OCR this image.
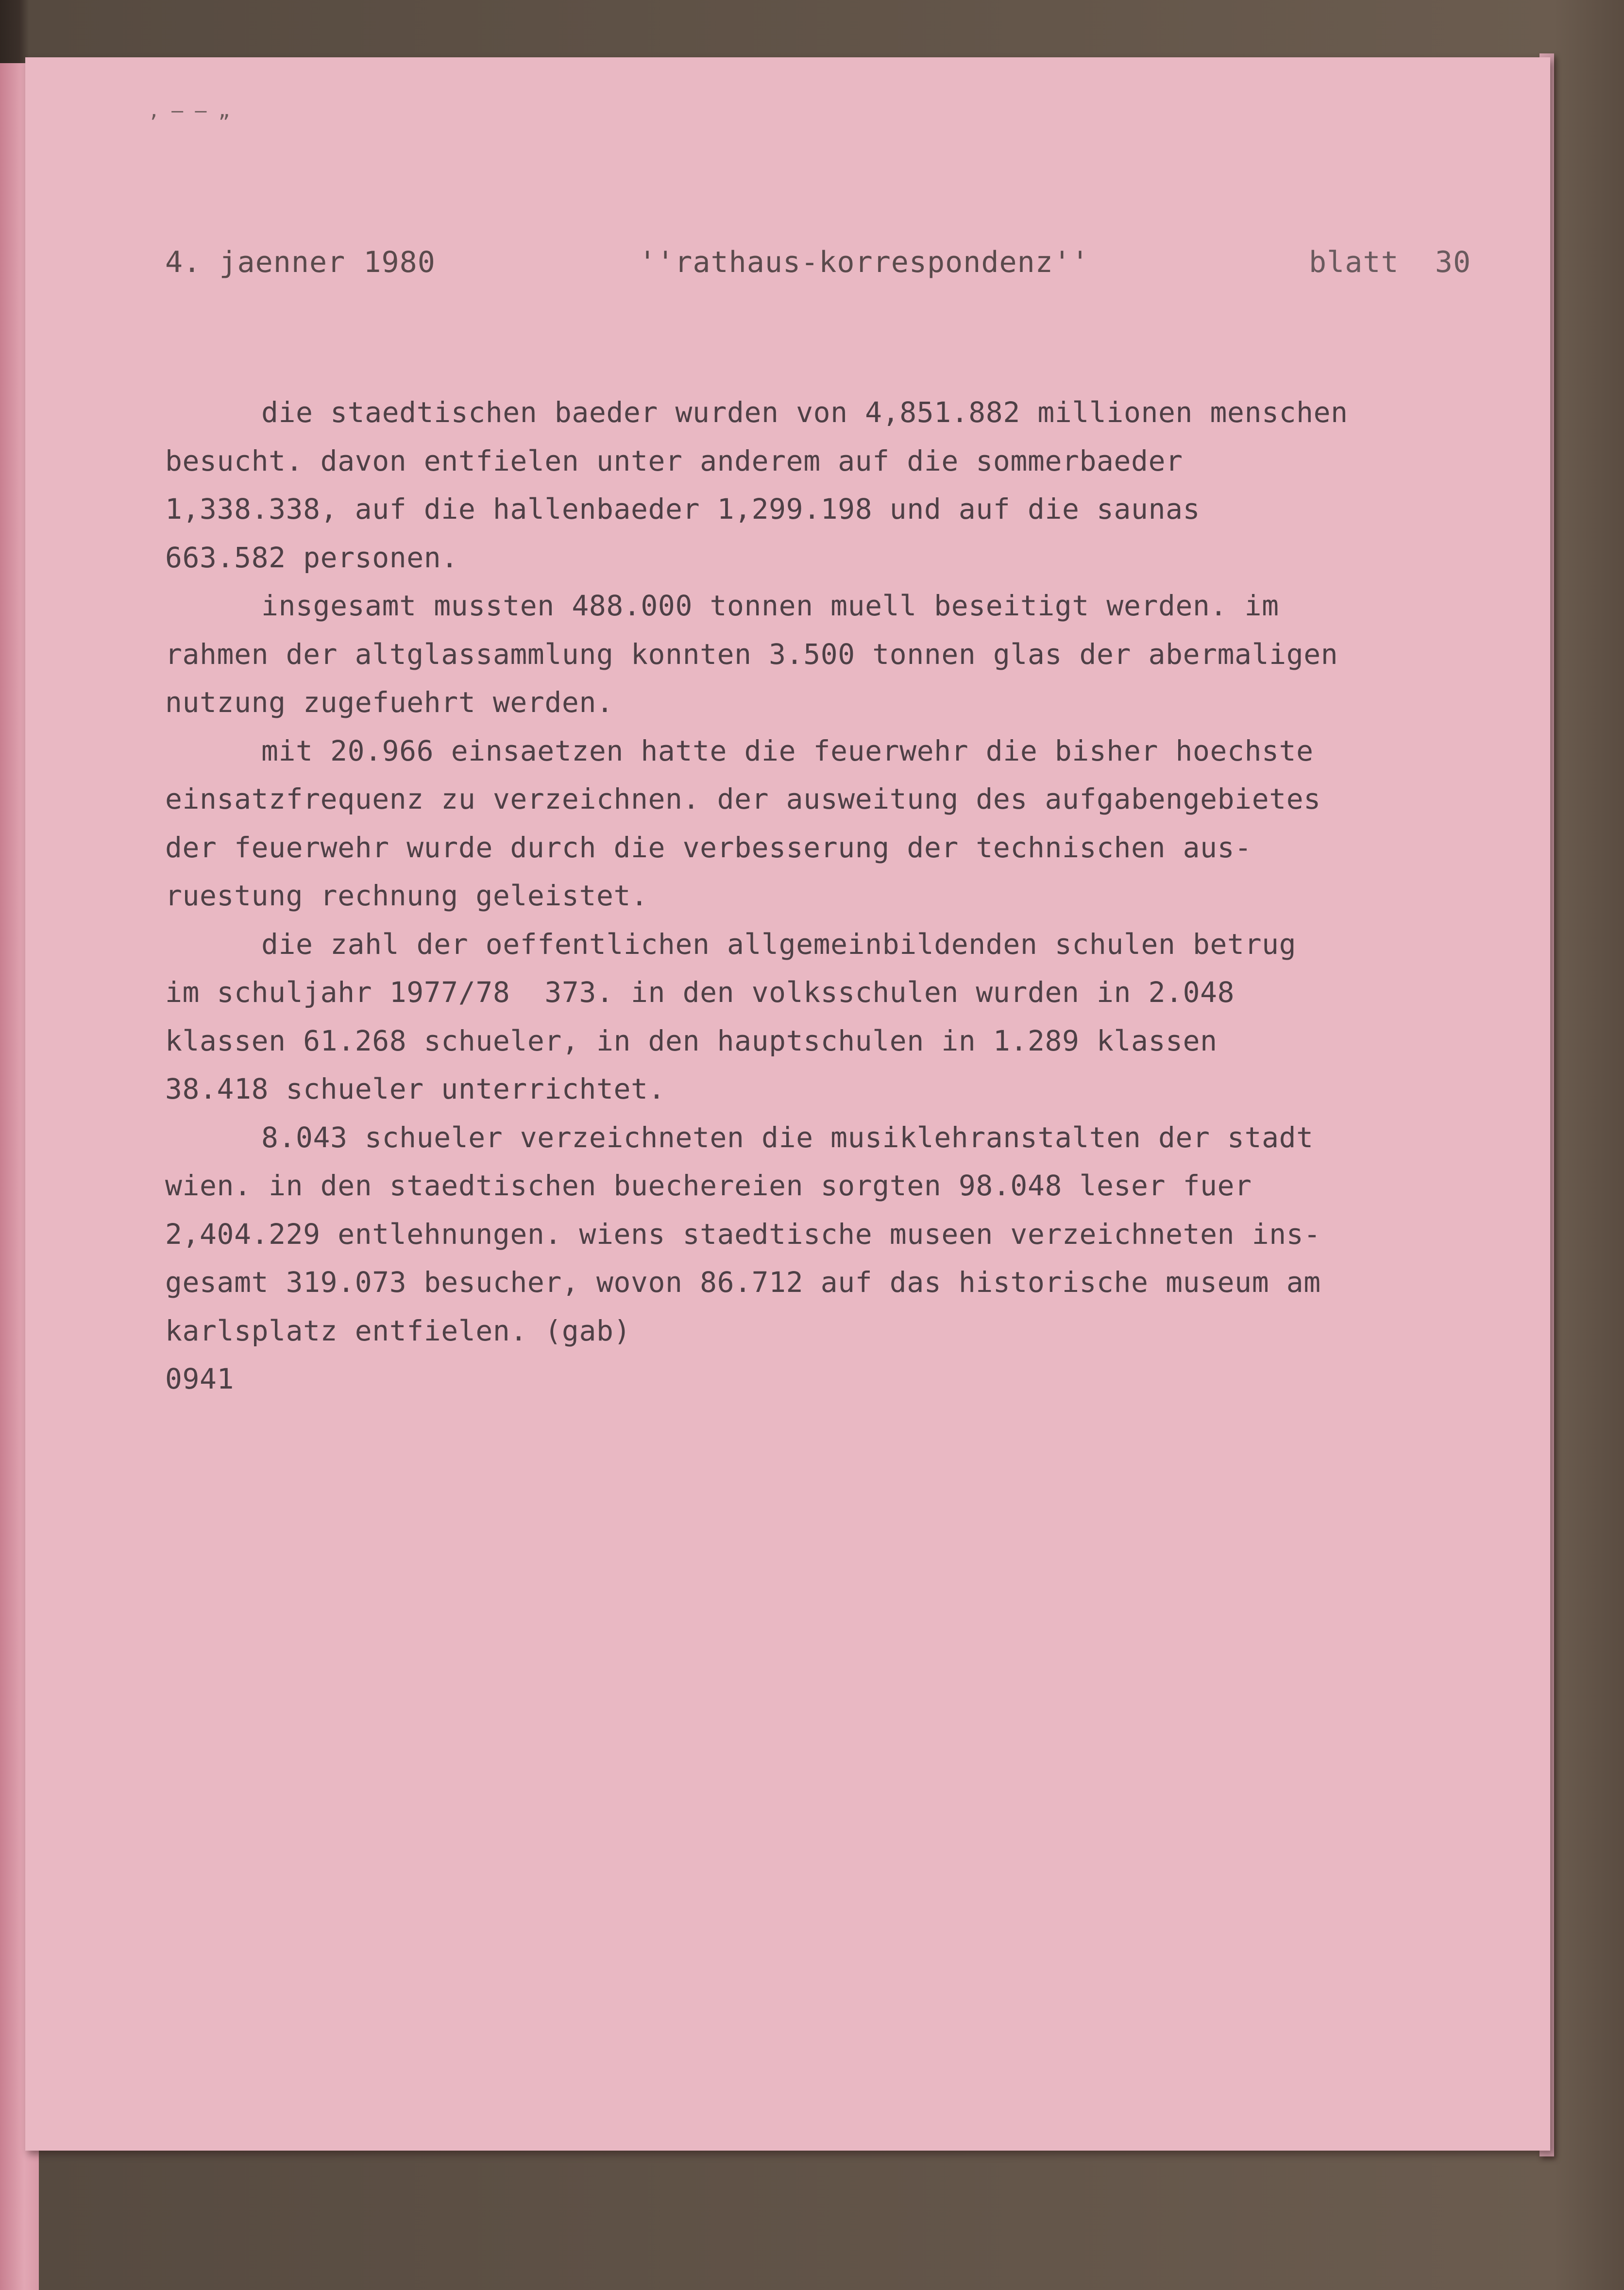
‚ – – „
4. jaenner 1980	''rathaus-korrespondenz''	blatt  30
die staedtischen baeder wurden von 4,851.882 millionen menschen
besucht. davon entfielen unter anderem auf die sommerbaeder
1,338.338, auf die hallenbaeder 1,299.198 und auf die saunas
663.582 personen.
insgesamt mussten 488.000 tonnen muell beseitigt werden. im
rahmen der altglassammlung konnten 3.500 tonnen glas der abermaligen
nutzung zugefuehrt werden.
mit 20.966 einsaetzen hatte die feuerwehr die bisher hoechste
einsatzfrequenz zu verzeichnen. der ausweitung des aufgabengebietes
der feuerwehr wurde durch die verbesserung der technischen aus-
ruestung rechnung geleistet.
die zahl der oeffentlichen allgemeinbildenden schulen betrug
im schuljahr 1977/78  373. in den volksschulen wurden in 2.048
klassen 61.268 schueler, in den hauptschulen in 1.289 klassen
38.418 schueler unterrichtet.
8.043 schueler verzeichneten die musiklehranstalten der stadt
wien. in den staedtischen buechereien sorgten 98.048 leser fuer
2,404.229 entlehnungen. wiens staedtische museen verzeichneten ins-
gesamt 319.073 besucher, wovon 86.712 auf das historische museum am
karlsplatz entfielen. (gab)
0941
